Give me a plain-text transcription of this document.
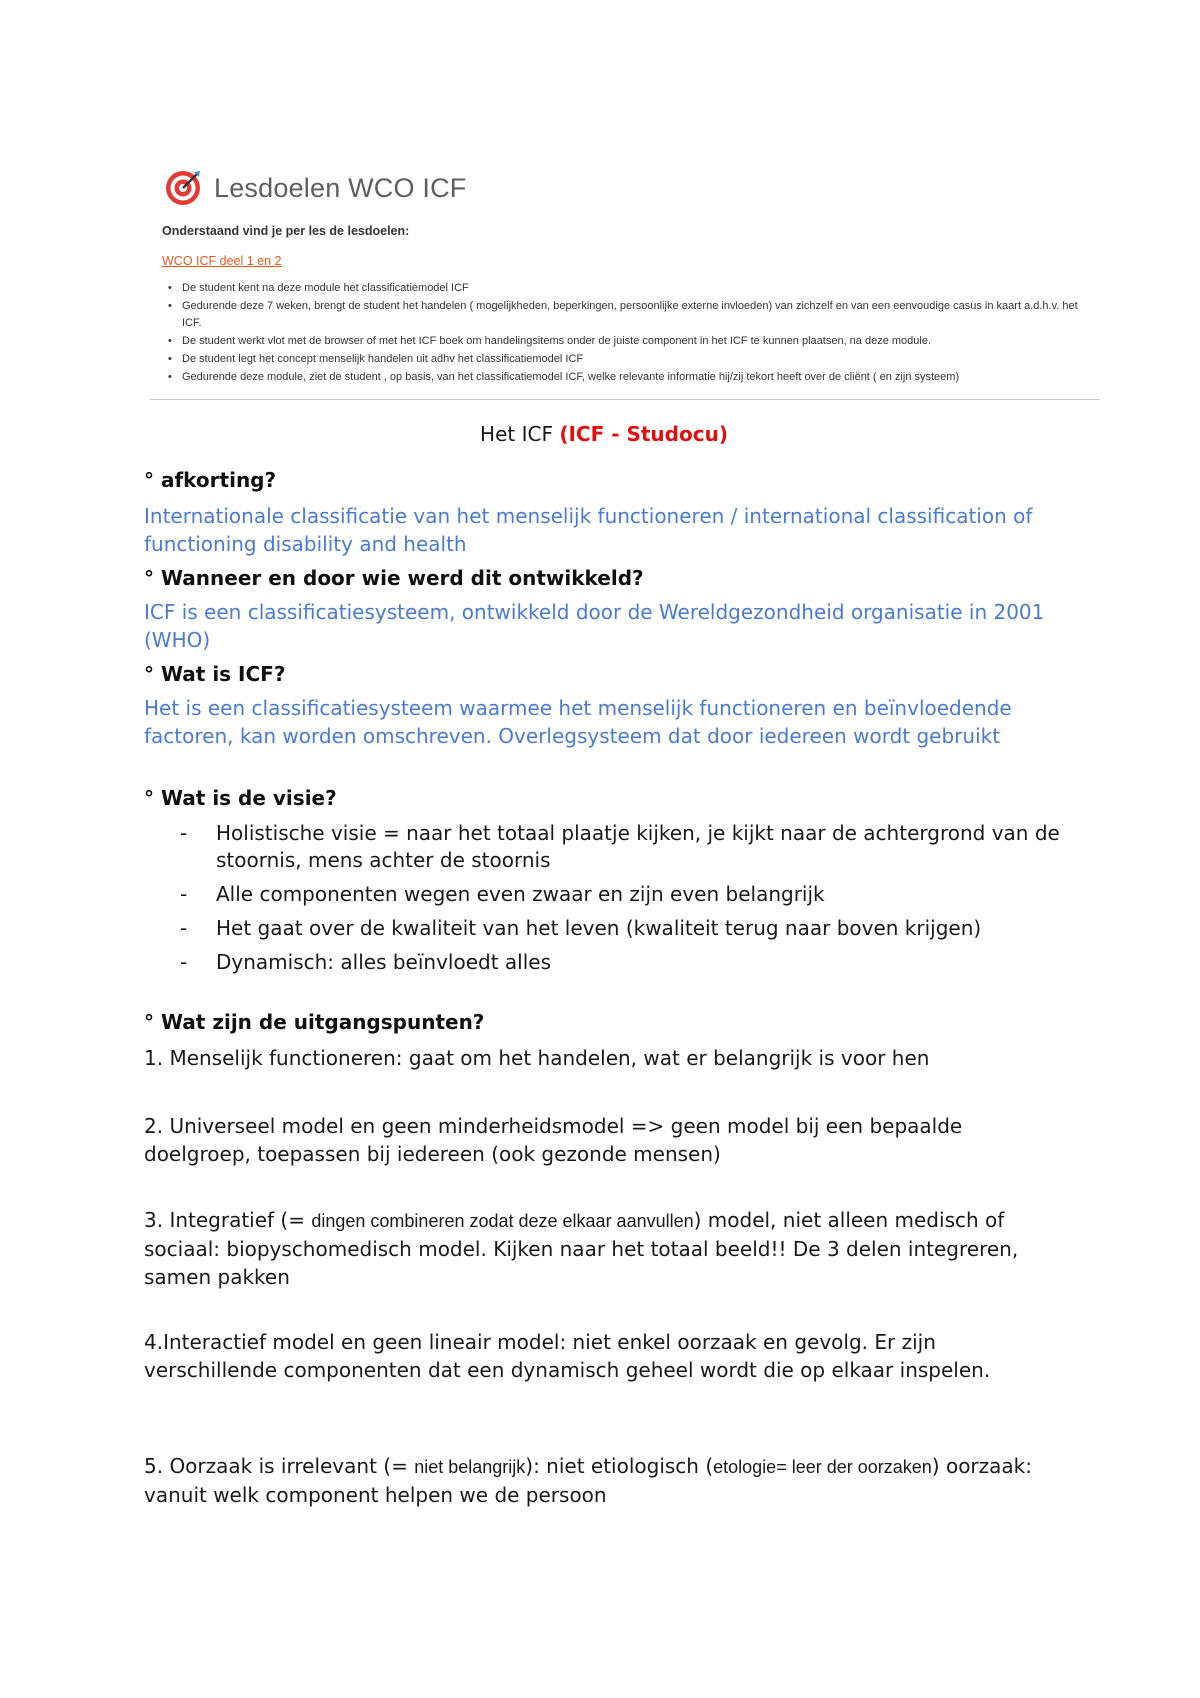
Lesdoelen WCO ICF
Onderstaand vind je per les de lesdoelen:
WCO ICF deel 1 en 2
• De student kent na deze module het classificatiemodel ICF
• Gedurende deze 7 weken, brengt de student het handelen ( mogelijkheden, beperkingen, persoonlijke externe invloeden) van zichzelf en van een eenvoudige casus in kaart a.d.h.v. het ICF.
• De student werkt vlot met de browser of met het ICF boek om handelingsitems onder de juiste component in het ICF te kunnen plaatsen, na deze module.
• De student legt het concept menselijk handelen uit adhv het classificatiemodel ICF
• Gedurende deze module, ziet de student , op basis, van het classificatiemodel ICF, welke relevante informatie hij/zij tekort heeft over de cliënt ( en zijn systeem)
Het ICF (ICF - Studocu)
° afkorting?
Internationale classificatie van het menselijk functioneren / international classification of functioning disability and health
° Wanneer en door wie werd dit ontwikkeld?
ICF is een classificatiesysteem, ontwikkeld door de Wereldgezondheid organisatie in 2001 (WHO)
° Wat is ICF?
Het is een classificatiesysteem waarmee het menselijk functioneren en beïnvloedende factoren, kan worden omschreven. Overlegsysteem dat door iedereen wordt gebruikt
° Wat is de visie?
- Holistische visie = naar het totaal plaatje kijken, je kijkt naar de achtergrond van de stoornis, mens achter de stoornis
- Alle componenten wegen even zwaar en zijn even belangrijk
- Het gaat over de kwaliteit van het leven (kwaliteit terug naar boven krijgen)
- Dynamisch: alles beïnvloedt alles
° Wat zijn de uitgangspunten?
1. Menselijk functioneren: gaat om het handelen, wat er belangrijk is voor hen
2. Universeel model en geen minderheidsmodel => geen model bij een bepaalde doelgroep, toepassen bij iedereen (ook gezonde mensen)
3. Integratief (= dingen combineren zodat deze elkaar aanvullen) model, niet alleen medisch of sociaal: biopyschomedisch model. Kijken naar het totaal beeld!! De 3 delen integreren, samen pakken
4.Interactief model en geen lineair model: niet enkel oorzaak en gevolg. Er zijn verschillende componenten dat een dynamisch geheel wordt die op elkaar inspelen.
5. Oorzaak is irrelevant (= niet belangrijk): niet etiologisch (etologie= leer der oorzaken) oorzaak: vanuit welk component helpen we de persoon
